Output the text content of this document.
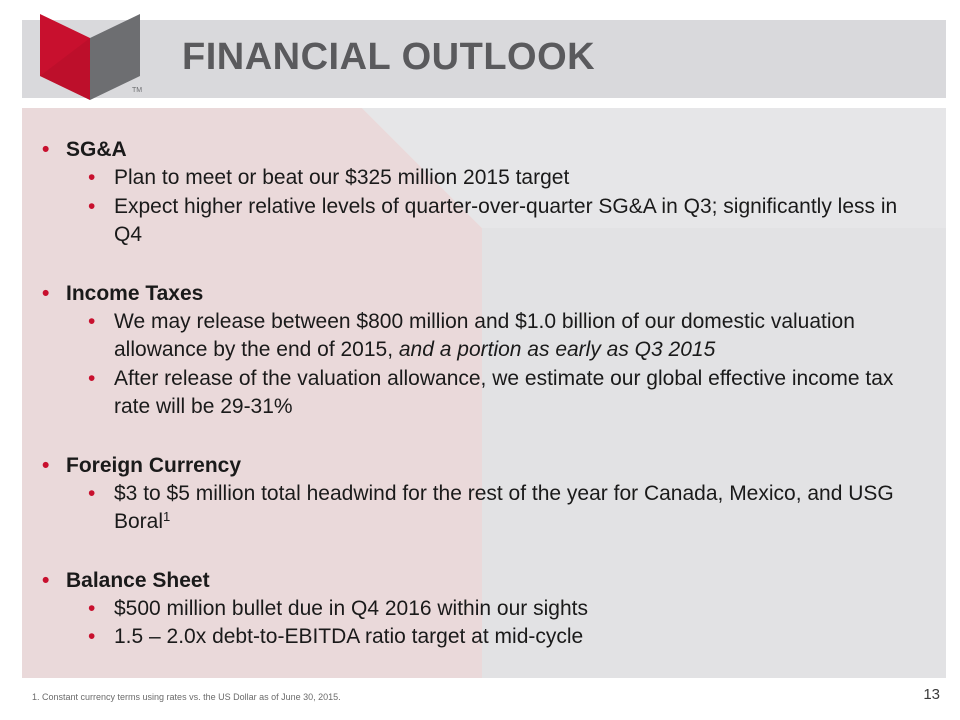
TM
FINANCIAL OUTLOOK
• SG&A
• Plan to meet or beat our $325 million 2015 target
• Expect higher relative levels of quarter-over-quarter SG&A in Q3; significantly less in Q4
• Income Taxes
• We may release between $800 million and $1.0 billion of our domestic valuation allowance by the end of 2015, and a portion as early as Q3 2015
• After release of the valuation allowance, we estimate our global effective income tax rate will be 29-31%
• Foreign Currency
• $3 to $5 million total headwind for the rest of the year for Canada, Mexico, and USG Boral$^1$
• Balance Sheet
• $500 million bullet due in Q4 2016 within our sights
• 1.5 – 2.0x debt-to-EBITDA ratio target at mid-cycle
1. Constant currency terms using rates vs. the US Dollar as of June 30, 2015.	13
